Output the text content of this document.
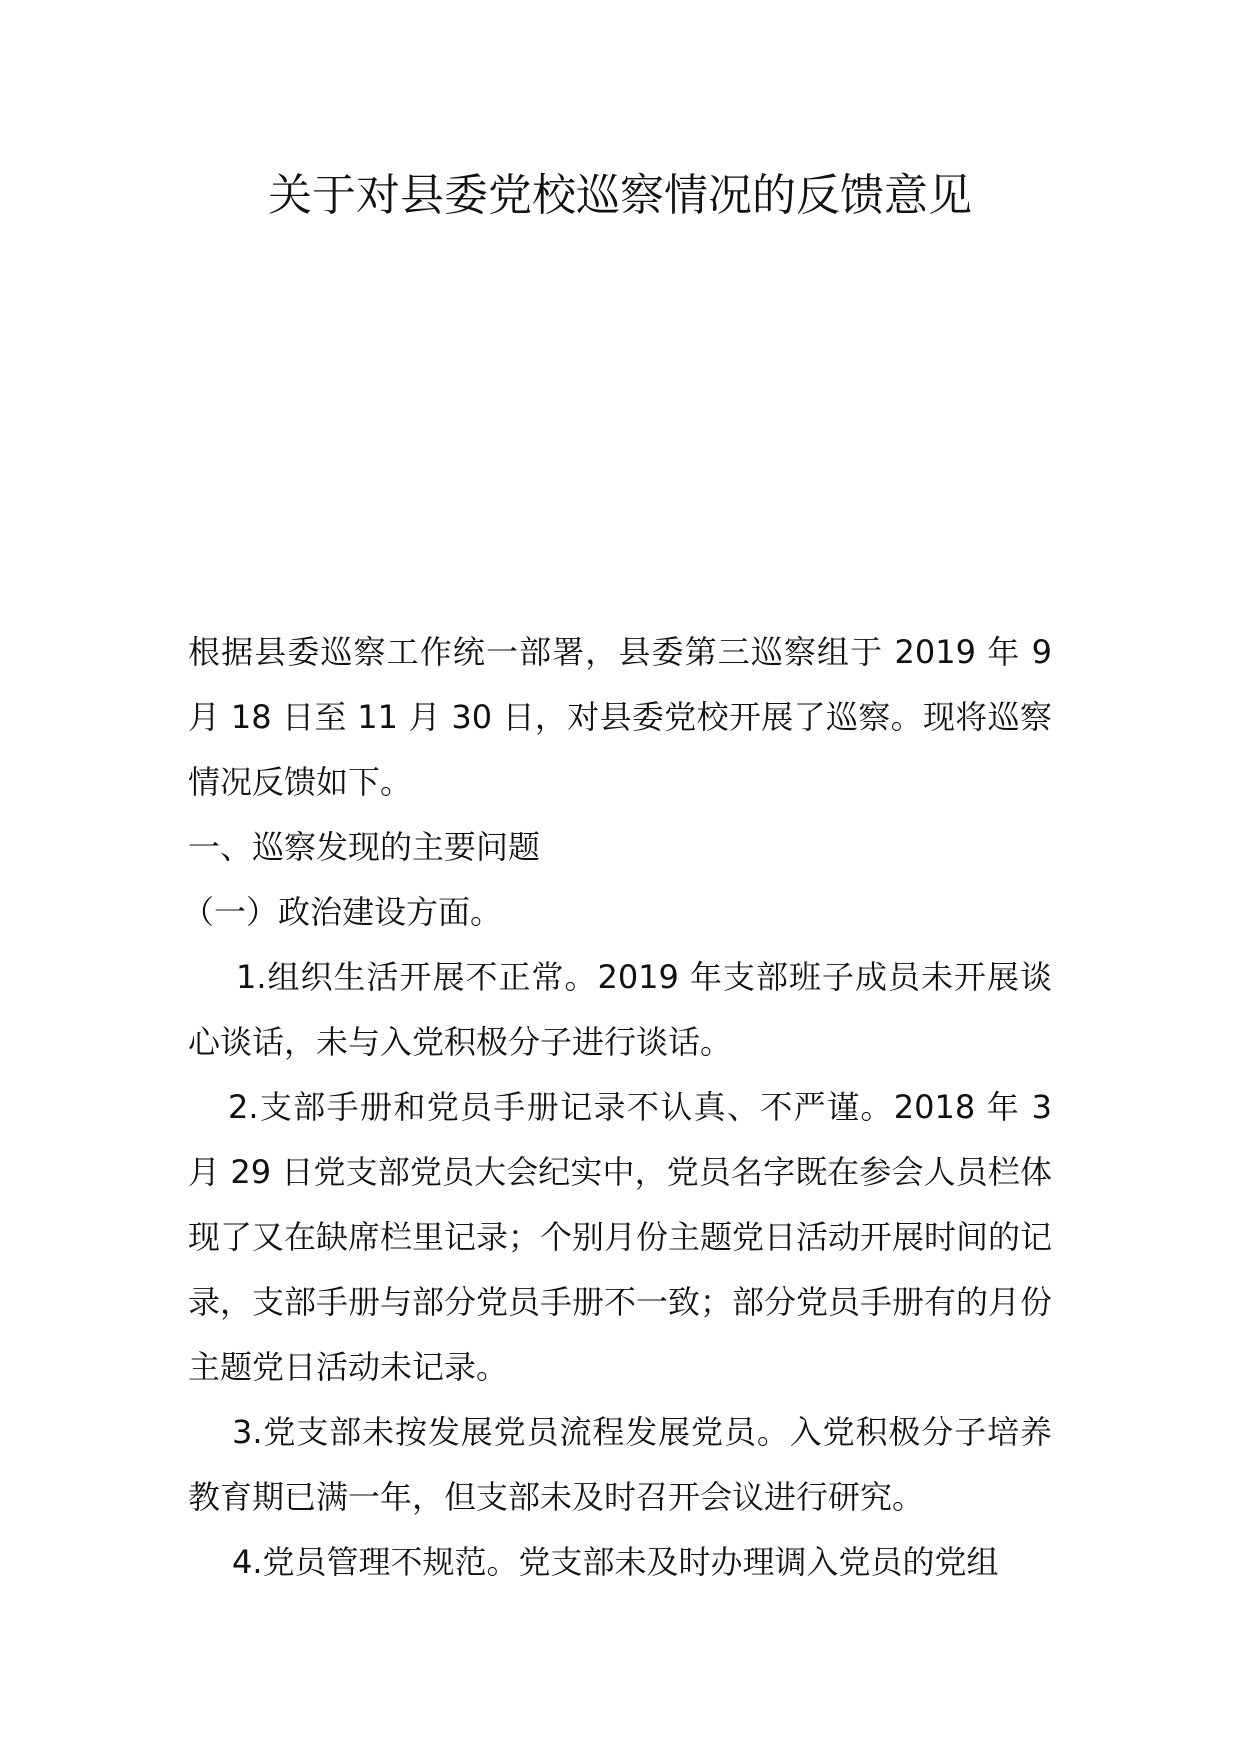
关于对县委党校巡察情况的反馈意见

根据县委巡察工作统一部署，县委第三巡察组于 2019 年 9 月 18 日至 11 月 30 日，对县委党校开展了巡察。现将巡察情况反馈如下。

一、巡察发现的主要问题

（一）政治建设方面。

1.组织生活开展不正常。2019 年支部班子成员未开展谈心谈话，未与入党积极分子进行谈话。

2.支部手册和党员手册记录不认真、不严谨。2018 年 3 月 29 日党支部党员大会纪实中，党员名字既在参会人员栏体现了又在缺席栏里记录；个别月份主题党日活动开展时间的记录，支部手册与部分党员手册不一致；部分党员手册有的月份主题党日活动未记录。

3.党支部未按发展党员流程发展党员。入党积极分子培养教育期已满一年，但支部未及时召开会议进行研究。

4.党员管理不规范。党支部未及时办理调入党员的党组
